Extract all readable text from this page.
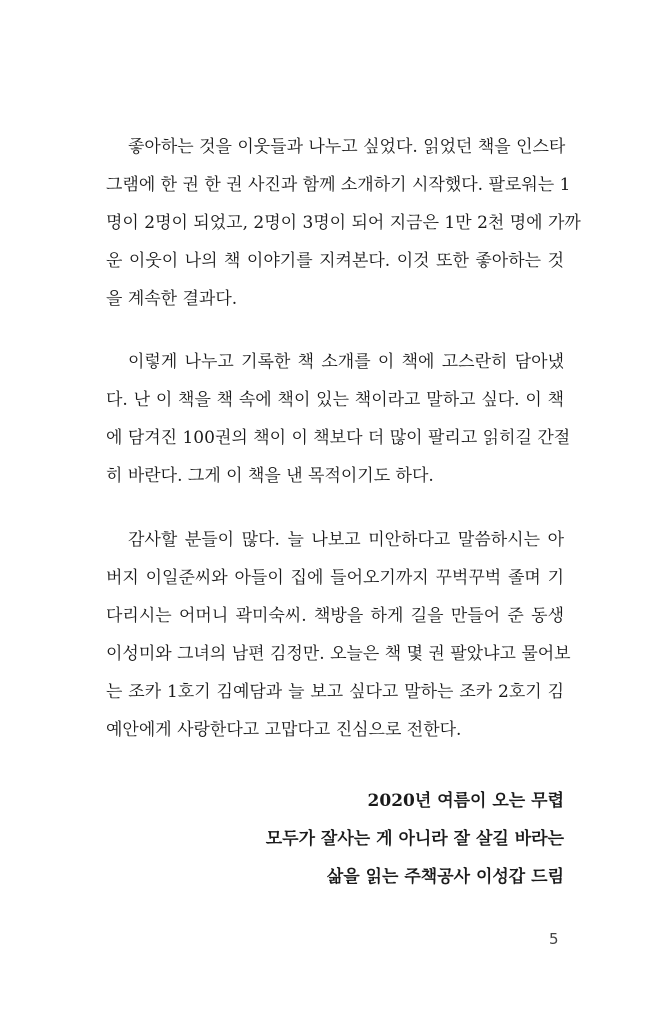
좋아하는 것을 이웃들과 나누고 싶었다. 읽었던 책을 인스타
그램에 한 권 한 권 사진과 함께 소개하기 시작했다. 팔로워는 1
명이 2명이 되었고, 2명이 3명이 되어 지금은 1만 2천 명에 가까
운 이웃이 나의 책 이야기를 지켜본다. 이것 또한 좋아하는 것
을 계속한 결과다.
이렇게 나누고 기록한 책 소개를 이 책에 고스란히 담아냈
다. 난 이 책을 책 속에 책이 있는 책이라고 말하고 싶다. 이 책
에 담겨진 100권의 책이 이 책보다 더 많이 팔리고 읽히길 간절
히 바란다. 그게 이 책을 낸 목적이기도 하다.
감사할 분들이 많다. 늘 나보고 미안하다고 말씀하시는 아
버지 이일준씨와 아들이 집에 들어오기까지 꾸벅꾸벅 졸며 기
다리시는 어머니 곽미숙씨. 책방을 하게 길을 만들어 준 동생
이성미와 그녀의 남편 김정만. 오늘은 책 몇 권 팔았냐고 물어보
는 조카 1호기 김예담과 늘 보고 싶다고 말하는 조카 2호기 김
예안에게 사랑한다고 고맙다고 진심으로 전한다.
2020년 여름이 오는 무렵
모두가 잘사는 게 아니라 잘 살길 바라는
삶을 읽는 주책공사 이성갑 드림
5
